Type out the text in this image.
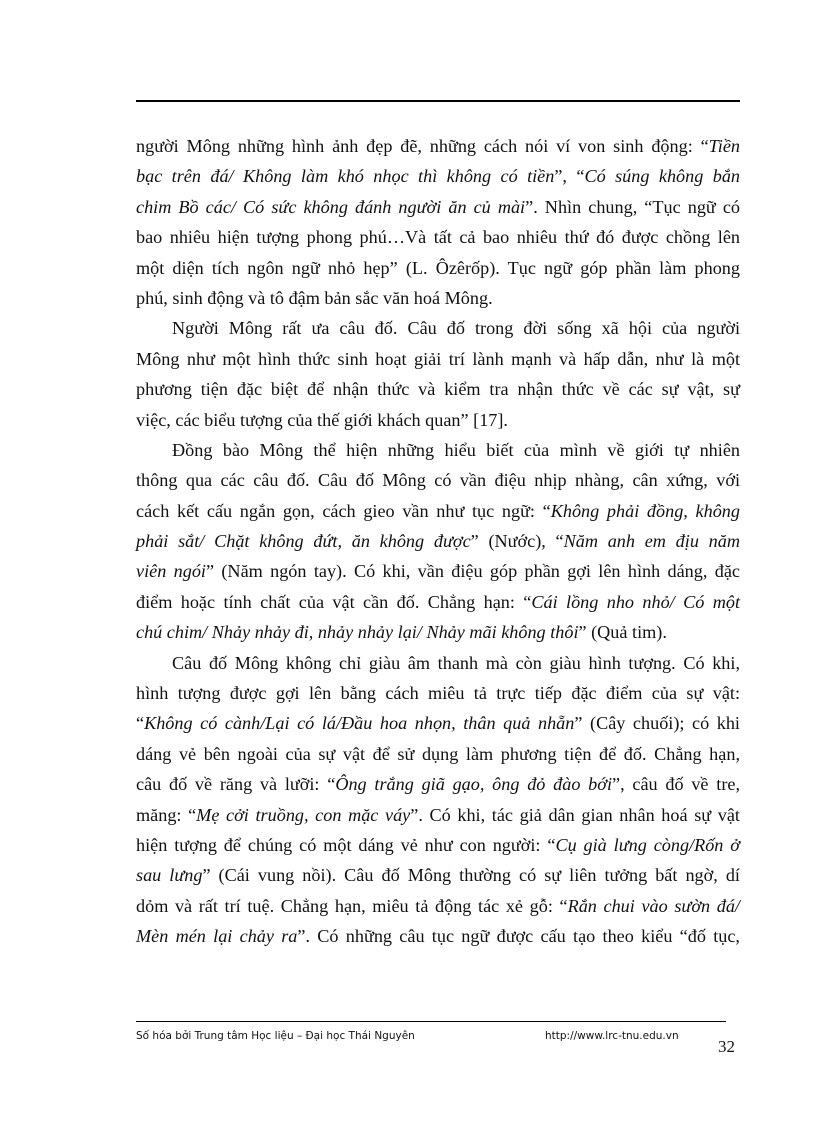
người Mông những hình ảnh đẹp đẽ, những cách nói ví von sinh động: “Tiền
bạc trên đá/ Không làm khó nhọc thì không có tiền”, “Có súng không bắn
chim Bồ các/ Có sức không đánh người ăn củ mài”. Nhìn chung, “Tục ngữ có
bao nhiêu hiện tượng phong phú…Và tất cả bao nhiêu thứ đó được chồng lên
một diện tích ngôn ngữ nhỏ hẹp” (L. Ôzêrốp). Tục ngữ góp phần làm phong
phú, sinh động và tô đậm bản sắc văn hoá Mông.
Người Mông rất ưa câu đố. Câu đố trong đời sống xã hội của người
Mông như một hình thức sinh hoạt giải trí lành mạnh và hấp dẫn, như là một
phương tiện đặc biệt để nhận thức và kiểm tra nhận thức về các sự vật, sự
việc, các biểu tượng của thế giới khách quan” [17].
Đồng bào Mông thể hiện những hiểu biết của mình về giới tự nhiên
thông qua các câu đố. Câu đố Mông có vần điệu nhịp nhàng, cân xứng, với
cách kết cấu ngắn gọn, cách gieo vần như tục ngữ: “Không phải đồng, không
phải sắt/ Chặt không đứt, ăn không được” (Nước), “Năm anh em địu năm
viên ngói” (Năm ngón tay). Có khi, vần điệu góp phần gợi lên hình dáng, đặc
điểm hoặc tính chất của vật cần đố. Chẳng hạn: “Cái lồng nho nhỏ/ Có một
chú chim/ Nhảy nhảy đi, nhảy nhảy lại/ Nhảy mãi không thôi” (Quả tim).
Câu đố Mông không chỉ giàu âm thanh mà còn giàu hình tượng. Có khi,
hình tượng được gợi lên bằng cách miêu tả trực tiếp đặc điểm của sự vật:
“Không có cành/Lại có lá/Đầu hoa nhọn, thân quả nhẵn” (Cây chuối); có khi
dáng vẻ bên ngoài của sự vật để sử dụng làm phương tiện để đố. Chẳng hạn,
câu đố về răng và lưỡi: “Ông trắng giã gạo, ông đỏ đào bới”, câu đố về tre,
măng: “Mẹ cởi truồng, con mặc váy”. Có khi, tác giả dân gian nhân hoá sự vật
hiện tượng để chúng có một dáng vẻ như con người: “Cụ già lưng còng/Rốn ở
sau lưng” (Cái vung nồi). Câu đố Mông thường có sự liên tưởng bất ngờ, dí
dỏm và rất trí tuệ. Chẳng hạn, miêu tả động tác xẻ gỗ: “Rắn chui vào sườn đá/
Mèn mén lại chảy ra”. Có những câu tục ngữ được cấu tạo theo kiểu “đố tục,
Số hóa bởi Trung tâm Học liệu – Đại học Thái Nguyên	http://www.lrc-tnu.edu.vn
32
